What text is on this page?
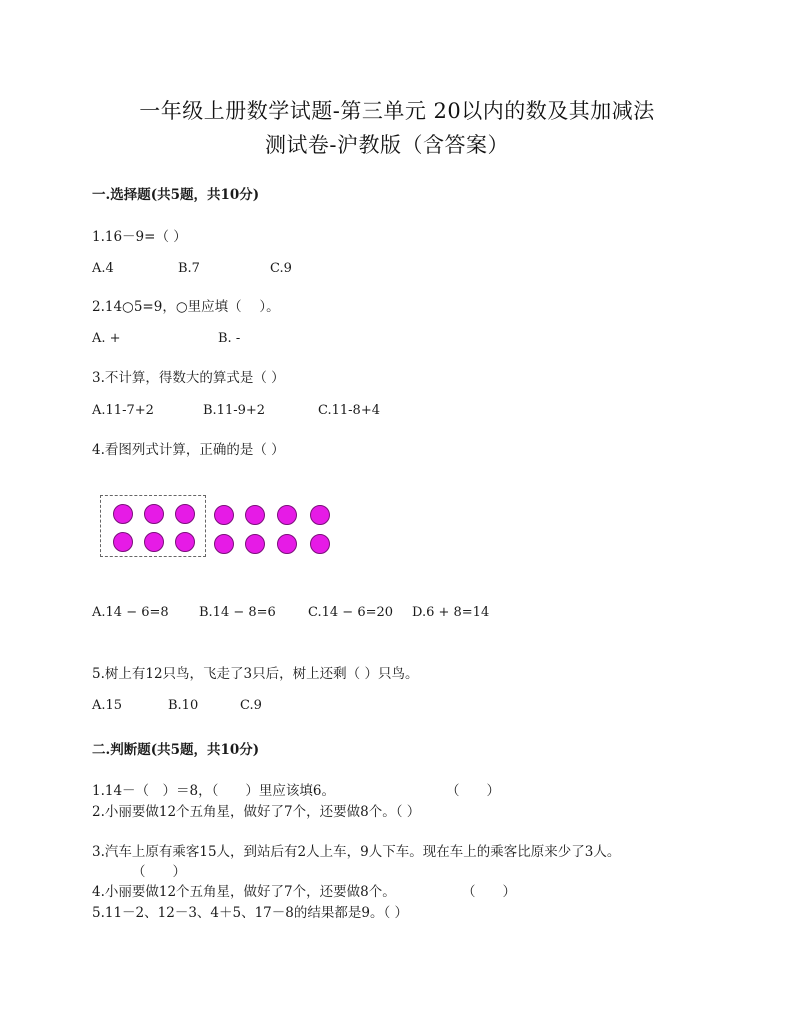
一年级上册数学试题-第三单元 20以内的数及其加减法
测试卷-沪教版（含答案）
一.选择题(共5题，共10分)
1.16－9=（ ）
A.4	B.7	C.9
2.14○5=9，○里应填（　 ）。
A. +	B. -
3.不计算，得数大的算式是（ ）
A.11-7+2	B.11-9+2	C.11-8+4
4.看图列式计算，正确的是（ ）
A.14 − 6=8 B.14 − 8=6 C.14 − 6=20 D.6 + 8=14
5.树上有12只鸟，飞走了3只后，树上还剩（ ）只鸟。
A.15	B.10	C.9
二.判断题(共5题，共10分)
1.14－（　）＝8，（　　）里应该填6。	（　　）
2.小丽要做12个五角星，做好了7个，还要做8个。（ ）
3.汽车上原有乘客15人，到站后有2人上车，9人下车。现在车上的乘客比原来少了3人。
（　　）
4.小丽要做12个五角星，做好了7个，还要做8个。	（　　）
5.11－2、12－3、4＋5、17－8的结果都是9。（ ）
